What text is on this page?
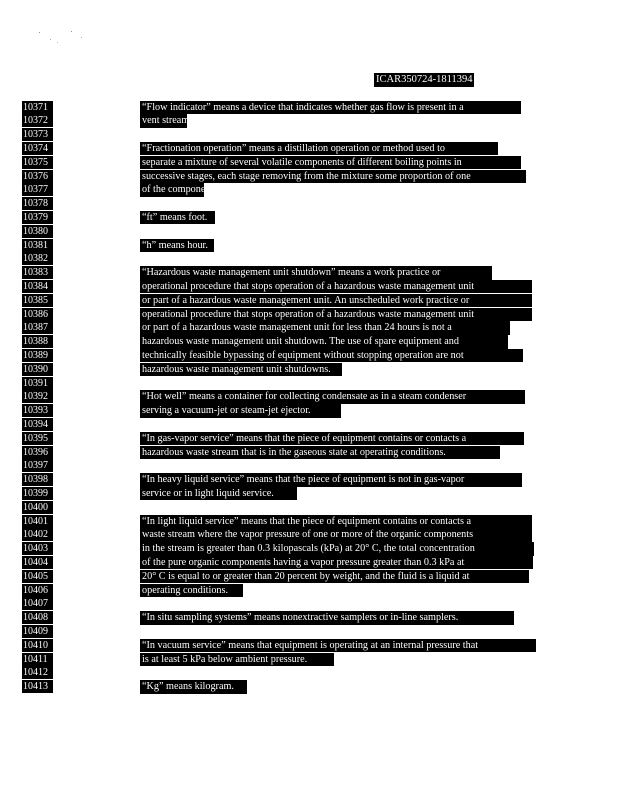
ICAR350724-1811394
10371	“Flow indicator” means a device that indicates whether gas flow is present in a
10372	vent stream.
10373
10374	“Fractionation operation” means a distillation operation or method used to
10375	separate a mixture of several volatile components of different boiling points in
10376	successive stages, each stage removing from the mixture some proportion of one
10377	of the components.
10378
10379	“ft” means foot.
10380
10381	“h” means hour.
10382
10383	“Hazardous waste management unit shutdown” means a work practice or
10384	operational procedure that stops operation of a hazardous waste management unit
10385	or part of a hazardous waste management unit. An unscheduled work practice or
10386	operational procedure that stops operation of a hazardous waste management unit
10387	or part of a hazardous waste management unit for less than 24 hours is not a
10388	hazardous waste management unit shutdown. The use of spare equipment and
10389	technically feasible bypassing of equipment without stopping operation are not
10390	hazardous waste management unit shutdowns.
10391
10392	“Hot well” means a container for collecting condensate as in a steam condenser
10393	serving a vacuum-jet or steam-jet ejector.
10394
10395	“In gas-vapor service” means that the piece of equipment contains or contacts a
10396	hazardous waste stream that is in the gaseous state at operating conditions.
10397
10398	“In heavy liquid service” means that the piece of equipment is not in gas-vapor
10399	service or in light liquid service.
10400
10401	“In light liquid service” means that the piece of equipment contains or contacts a
10402	waste stream where the vapor pressure of one or more of the organic components
10403	in the stream is greater than 0.3 kilopascals (kPa) at 20° C, the total concentration
10404	of the pure organic components having a vapor pressure greater than 0.3 kPa at
10405	20° C is equal to or greater than 20 percent by weight, and the fluid is a liquid at
10406	operating conditions.
10407
10408	“In situ sampling systems” means nonextractive samplers or in-line samplers.
10409
10410	“In vacuum service” means that equipment is operating at an internal pressure that
10411	is at least 5 kPa below ambient pressure.
10412
10413	“Kg” means kilogram.
